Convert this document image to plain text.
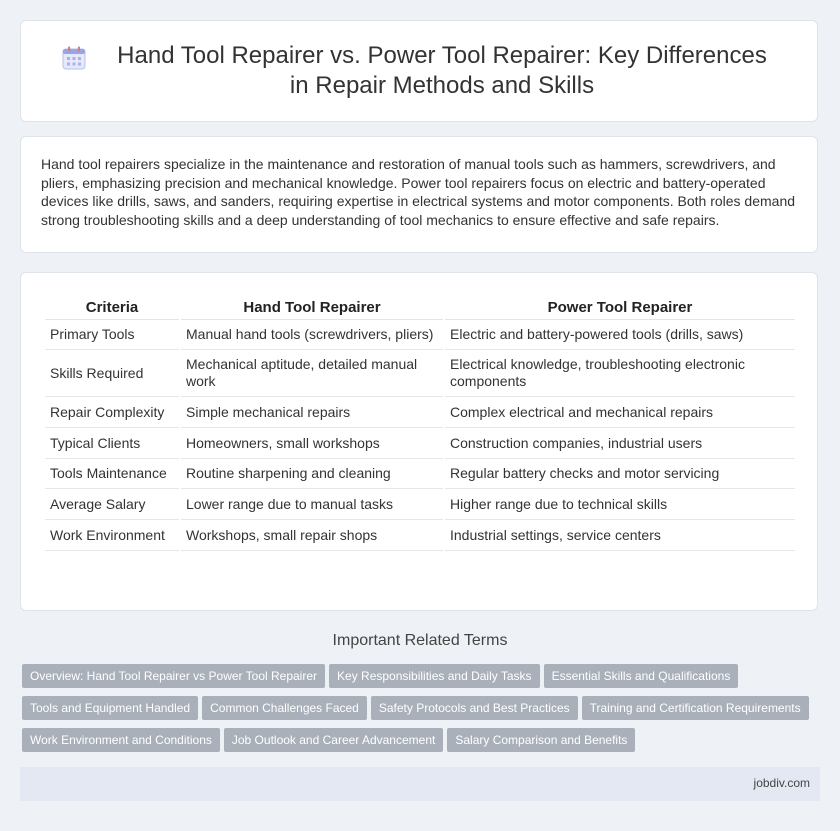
Hand Tool Repairer vs. Power Tool Repairer: Key Differences in Repair Methods and Skills

Hand tool repairers specialize in the maintenance and restoration of manual tools such as hammers, screwdrivers, and pliers, emphasizing precision and mechanical knowledge. Power tool repairers focus on electric and battery-operated devices like drills, saws, and sanders, requiring expertise in electrical systems and motor components. Both roles demand strong troubleshooting skills and a deep understanding of tool mechanics to ensure effective and safe repairs.

Criteria	Hand Tool Repairer	Power Tool Repairer
Primary Tools	Manual hand tools (screwdrivers, pliers)	Electric and battery-powered tools (drills, saws)
Skills Required	Mechanical aptitude, detailed manual work	Electrical knowledge, troubleshooting electronic components
Repair Complexity	Simple mechanical repairs	Complex electrical and mechanical repairs
Typical Clients	Homeowners, small workshops	Construction companies, industrial users
Tools Maintenance	Routine sharpening and cleaning	Regular battery checks and motor servicing
Average Salary	Lower range due to manual tasks	Higher range due to technical skills
Work Environment	Workshops, small repair shops	Industrial settings, service centers
Important Related Terms
Overview: Hand Tool Repairer vs Power Tool Repairer Key Responsibilities and Daily Tasks Essential Skills and Qualifications
Tools and Equipment Handled Common Challenges Faced Safety Protocols and Best Practices Training and Certification Requirements
Work Environment and Conditions Job Outlook and Career Advancement Salary Comparison and Benefits
jobdiv.com
